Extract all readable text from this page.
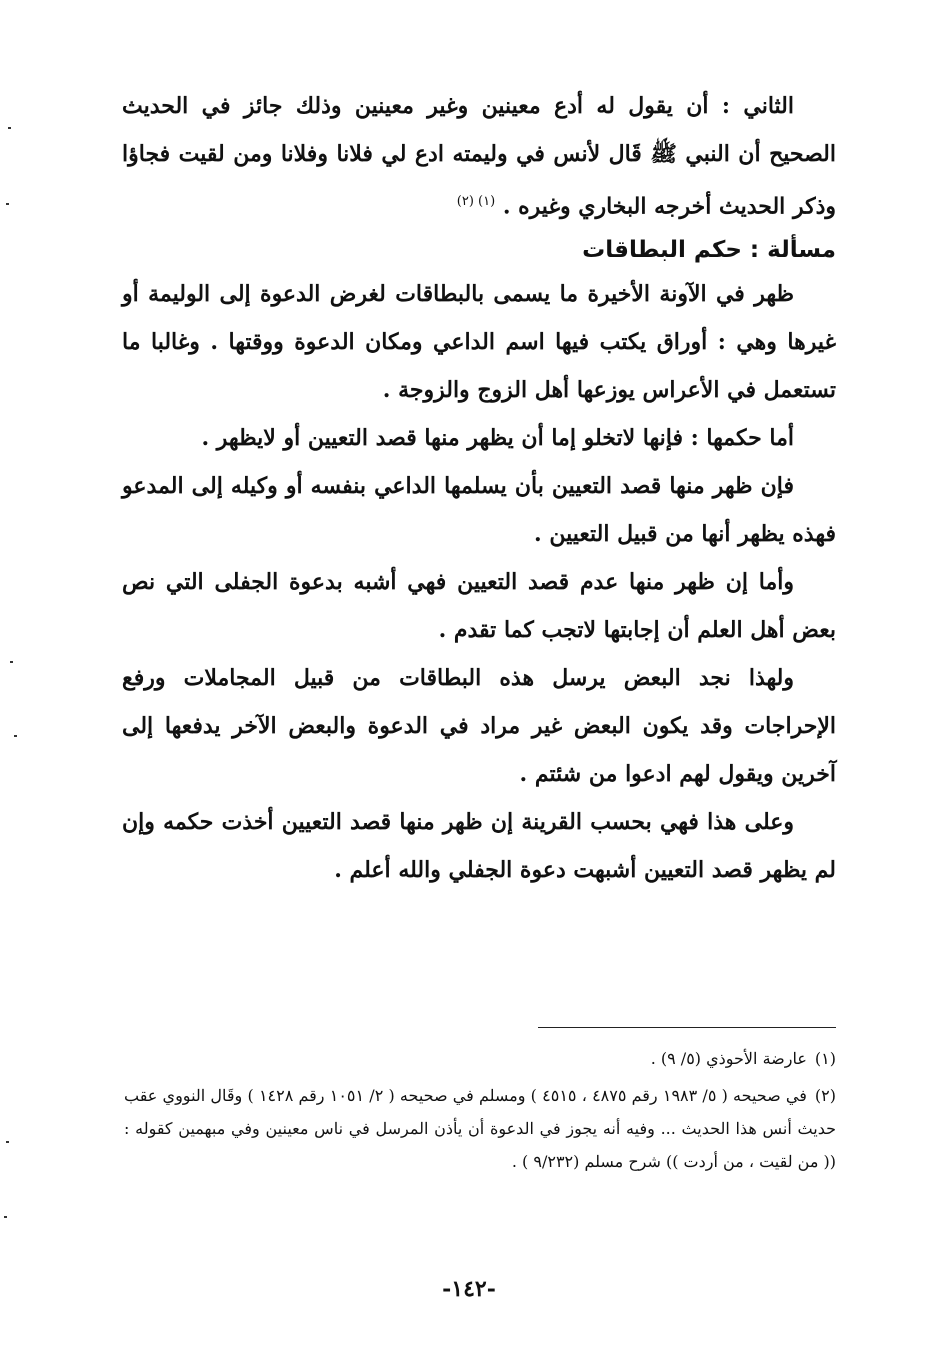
الثاني : أن يقول له أدع معينين وغير معينين وذلك جائز في الحديث الصحيح أن النبي ﷺ قَال لأنس في وليمته ادع لي فلانا وفلانا ومن لقيت فجاؤا وذكر الحديث أخرجه البخاري وغيره . $^{(١) (٢)}$

مسألة : حكم البطاقات

ظهر في الآونة الأخيرة ما يسمى بالبطاقات لغرض الدعوة إلى الوليمة أو غيرها وهي : أوراق يكتب فيها اسم الداعي ومكان الدعوة ووقتها . وغالبا ما تستعمل في الأعراس يوزعها أهل الزوج والزوجة .

أما حكمها : فإنها لاتخلو إما أن يظهر منها قصد التعيين أو لايظهر .

فإن ظهر منها قصد التعيين بأن يسلمها الداعي بنفسه أو وكيله إلى المدعو فهذه يظهر أنها من قبيل التعيين .

وأما إن ظهر منها عدم قصد التعيين فهي أشبه بدعوة الجفلى التي نص بعض أهل العلم أن إجابتها لاتجب كما تقدم .

ولهذا نجد البعض يرسل هذه البطاقات من قبيل المجاملات ورفع الإحراجات وقد يكون البعض غير مراد في الدعوة والبعض الآخر يدفعها إلى آخرين ويقول لهم ادعوا من شئتم .

وعلى هذا فهي بحسب القرينة إن ظهر منها قصد التعيين أخذت حكمه وإن لم يظهر قصد التعيين أشبهت دعوة الجفلي والله أعلم .

(١)عارضة الأحوذي (٥/ ٩) .

(٢)في صحيحه ( ٥/ ١٩٨٣ رقم ٤٨٧٥ ، ٤٥١٥ ) ومسلم في صحيحه ( ٢/ ١٠٥١ رقم ١٤٢٨ ) وقَال النووي عقب حديث أنس هذا الحديث ... وفيه أنه يجوز في الدعوة أن يأذن المرسل في ناس معينين وفي مبهمين كقوله :(( من لقيت ، من أردت )) شرح مسلم (٩/٢٣٢ ) .

-١٤٢-
